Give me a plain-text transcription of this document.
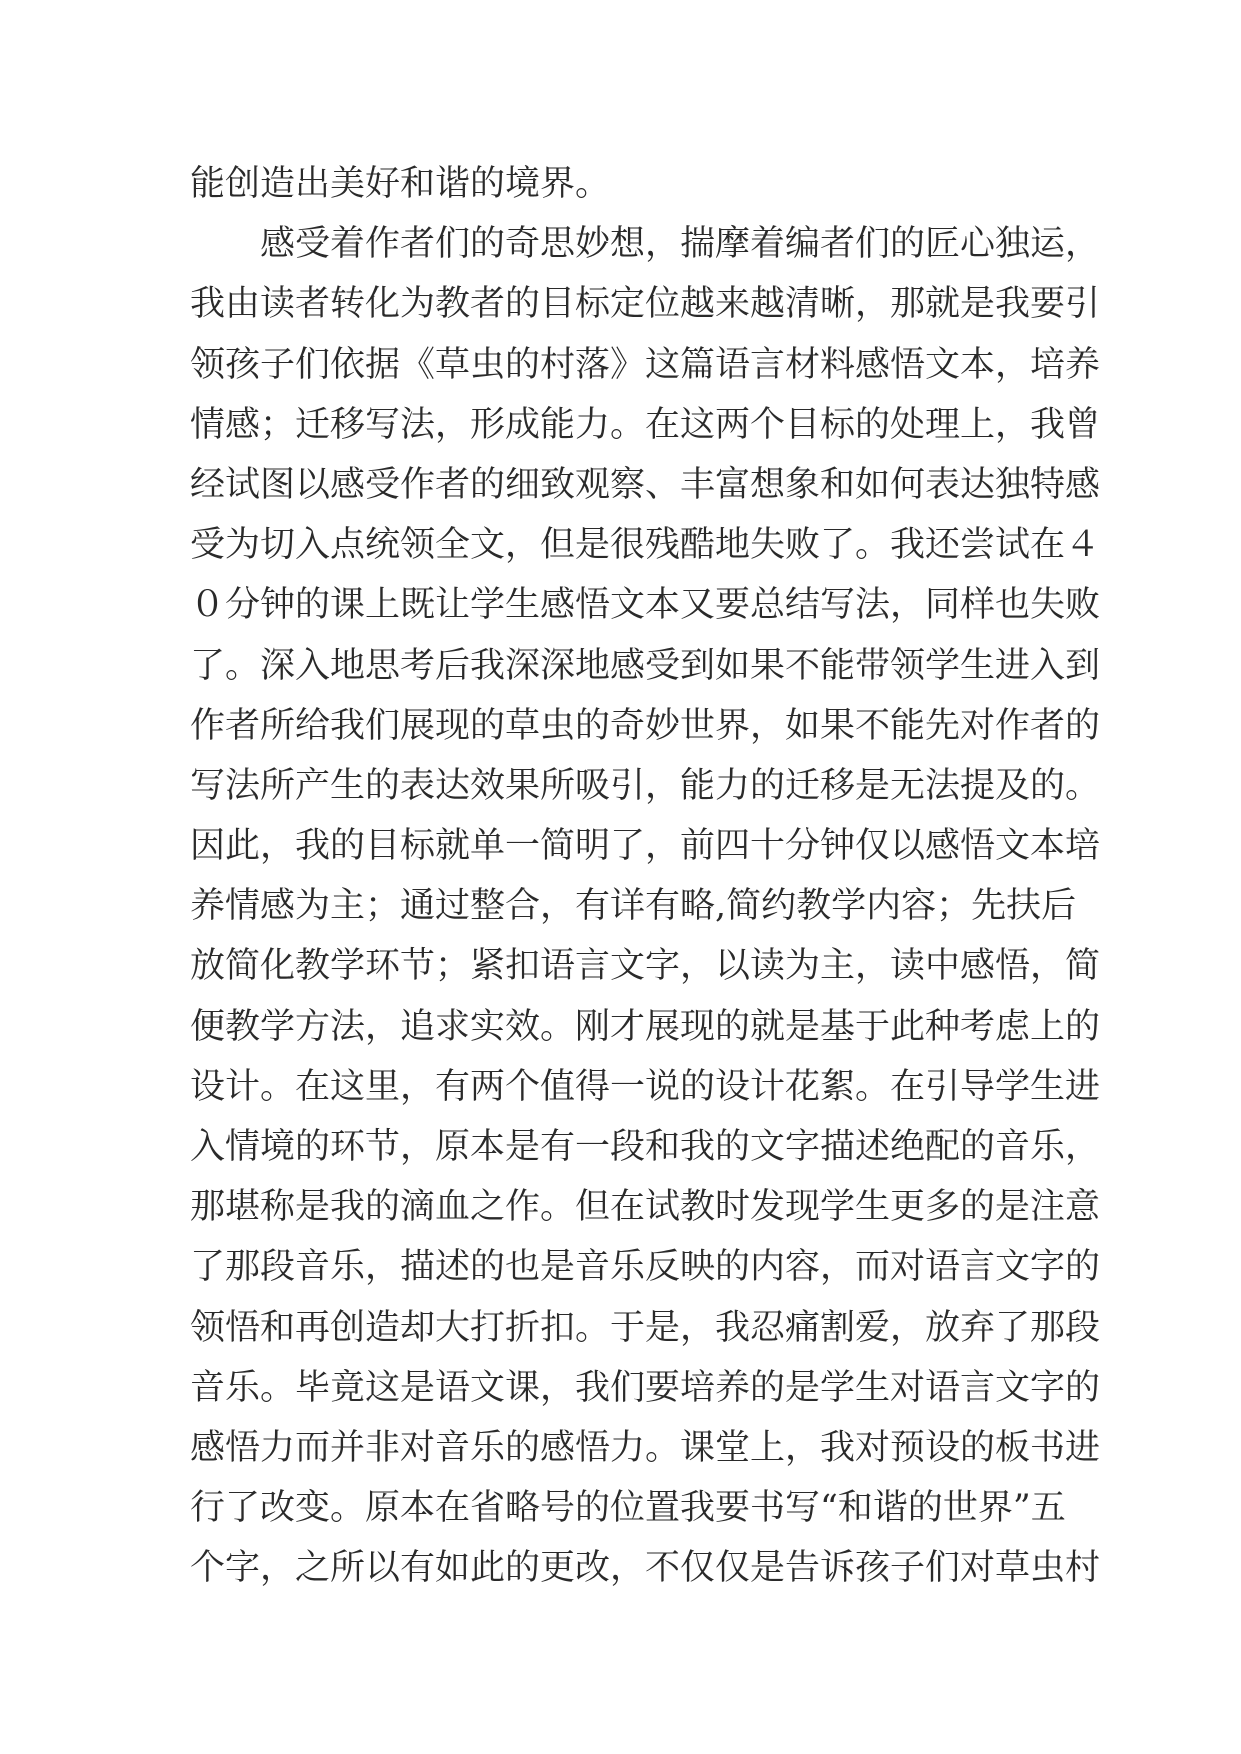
能创造出美好和谐的境界。
感受着作者们的奇思妙想，揣摩着编者们的匠心独运，
我由读者转化为教者的目标定位越来越清晰，那就是我要引
领孩子们依据《草虫的村落》这篇语言材料感悟文本，培养
情感；迁移写法，形成能力。在这两个目标的处理上，我曾
经试图以感受作者的细致观察、丰富想象和如何表达独特感
受为切入点统领全文，但是很残酷地失败了。我还尝试在４
０分钟的课上既让学生感悟文本又要总结写法，同样也失败
了。深入地思考后我深深地感受到如果不能带领学生进入到
作者所给我们展现的草虫的奇妙世界，如果不能先对作者的
写法所产生的表达效果所吸引，能力的迁移是无法提及的。
因此，我的目标就单一简明了，前四十分钟仅以感悟文本培
养情感为主；通过整合，有详有略,简约教学内容；先扶后
放简化教学环节；紧扣语言文字，以读为主，读中感悟，简
便教学方法，追求实效。刚才展现的就是基于此种考虑上的
设计。在这里，有两个值得一说的设计花絮。在引导学生进
入情境的环节，原本是有一段和我的文字描述绝配的音乐，
那堪称是我的滴血之作。但在试教时发现学生更多的是注意
了那段音乐，描述的也是音乐反映的内容，而对语言文字的
领悟和再创造却大打折扣。于是，我忍痛割爱，放弃了那段
音乐。毕竟这是语文课，我们要培养的是学生对语言文字的
感悟力而并非对音乐的感悟力。课堂上，我对预设的板书进
行了改变。原本在省略号的位置我要书写“和谐的世界”五
个字，之所以有如此的更改，不仅仅是告诉孩子们对草虫村
